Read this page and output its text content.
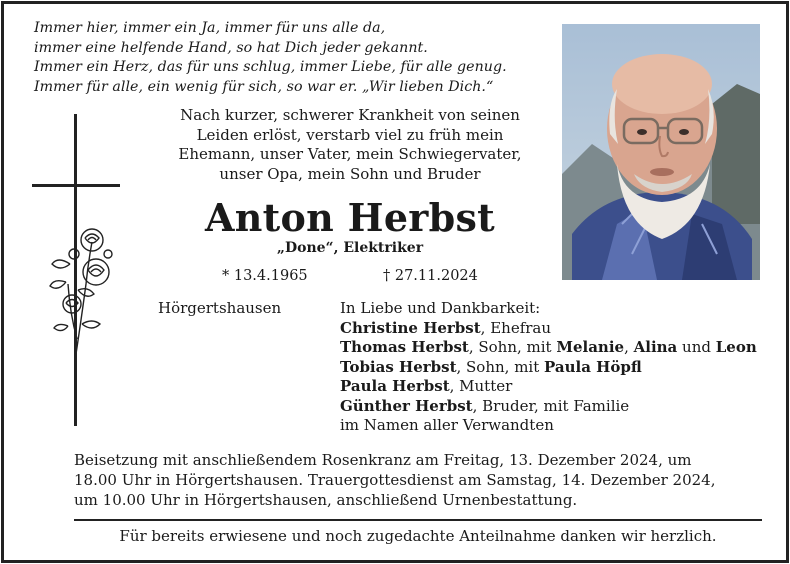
Immer hier, immer ein Ja, immer für uns alle da,
immer eine helfende Hand, so hat Dich jeder gekannt.
Immer ein Herz, das für uns schlug, immer Liebe, für alle genug.
Immer für alle, ein wenig für sich, so war er. „Wir lieben Dich.“
Nach kurzer, schwerer Krankheit von seinen
Leiden erlöst, verstarb viel zu früh mein
Ehemann, unser Vater, mein Schwiegervater,
unser Opa, mein Sohn und Bruder
Anton Herbst
„Done“, Elektriker
* 13.4.1965	† 27.11.2024
Hörgertshausen	In Liebe und Dankbarkeit:
Christine Herbst, Ehefrau
Thomas Herbst, Sohn, mit Melanie, Alina und Leon
Tobias Herbst, Sohn, mit Paula Höpfl
Paula Herbst, Mutter
Günther Herbst, Bruder, mit Familie
im Namen aller Verwandten
Beisetzung mit anschließendem Rosenkranz am Freitag, 13. Dezember 2024, um
18.00 Uhr in Hörgertshausen. Trauergottesdienst am Samstag, 14. Dezember 2024,
um 10.00 Uhr in Hörgertshausen, anschließend Urnenbestattung.
Für bereits erwiesene und noch zugedachte Anteilnahme danken wir herzlich.
